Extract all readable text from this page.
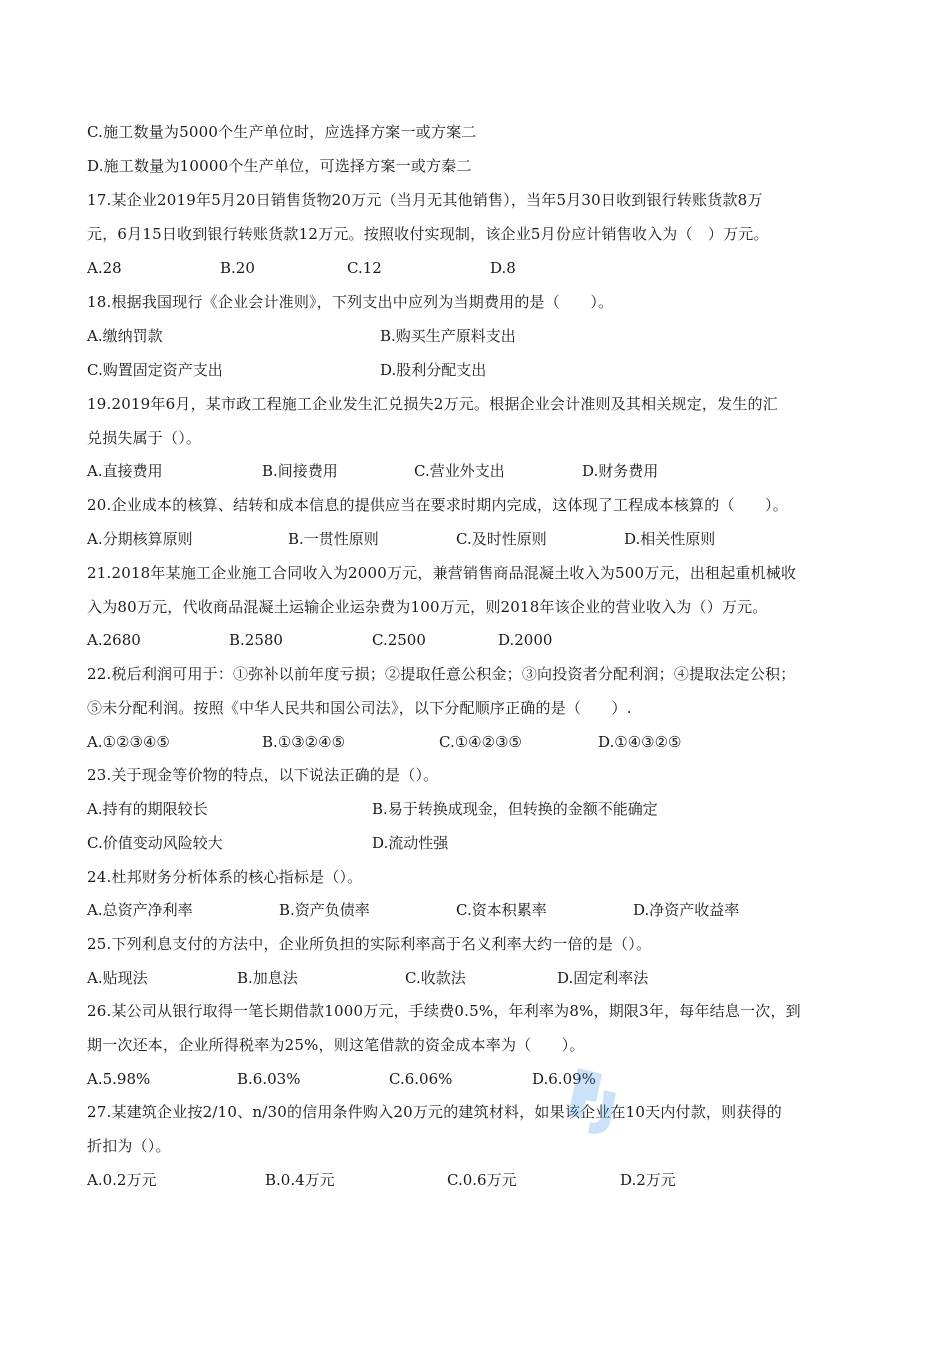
C.施工数量为5000个生产单位时，应选择方案一或方案二
D.施工数量为10000个生产单位，可选择方案一或方秦二
17.某企业2019年5月20日销售货物20万元（当月无其他销售），当年5月30日收到银行转账货款8万
元，6月15日收到银行转账货款12万元。按照收付实现制，该企业5月份应计销售收入为（　）万元。
A.28	B.20	C.12	D.8
18.根据我国现行《企业会计准则》，下列支出中应列为当期费用的是（　　）。
A.缴纳罚款	B.购买生产原料支出
C.购置固定资产支出	D.股利分配支出
19.2019年6月，某市政工程施工企业发生汇兑损失2万元。根据企业会计准则及其相关规定，发生的汇
兑损失属于（）。
A.直接费用	B.间接费用	C.营业外支出	D.财务费用
20.企业成本的核算、结转和成本信息的提供应当在要求时期内完成，这体现了工程成本核算的（　　）。
A.分期核算原则	B.一贯性原则	C.及时性原则	D.相关性原则
21.2018年某施工企业施工合同收入为2000万元，兼营销售商品混凝土收入为500万元，出租起重机械收
入为80万元，代收商品混凝土运输企业运杂费为100万元，则2018年该企业的营业收入为（）万元。
A.2680	B.2580	C.2500	D.2000
22.税后利润可用于：①弥补以前年度亏损；②提取任意公积金；③向投资者分配利润；④提取法定公积；
⑤未分配利润。按照《中华人民共和国公司法》，以下分配顺序正确的是（　　）.
A.①②③④⑤	B.①③②④⑤	C.①④②③⑤	D.①④③②⑤
23.关于现金等价物的特点，以下说法正确的是（）。
A.持有的期限较长	B.易于转换成现金，但转换的金额不能确定
C.价值变动风险较大	D.流动性强
24.杜邦财务分析体系的核心指标是（）。
A.总资产净利率	B.资产负债率	C.资本积累率	D.净资产收益率
25.下列利息支付的方法中，企业所负担的实际利率高于名义利率大约一倍的是（）。
A.贴现法	B.加息法	C.收款法	D.固定利率法
26.某公司从银行取得一笔长期借款1000万元，手续费0.5%，年利率为8%，期限3年，每年结息一次，到
期一次还本，企业所得税率为25%，则这笔借款的资金成本率为（　　）。
A.5.98%	B.6.03%	C.6.06%	D.6.09%
27.某建筑企业按2/10、n/30的信用条件购入20万元的建筑材料，如果该企业在10天内付款，则获得的
折扣为（）。
A.0.2万元	B.0.4万元	C.0.6万元	D.2万元
